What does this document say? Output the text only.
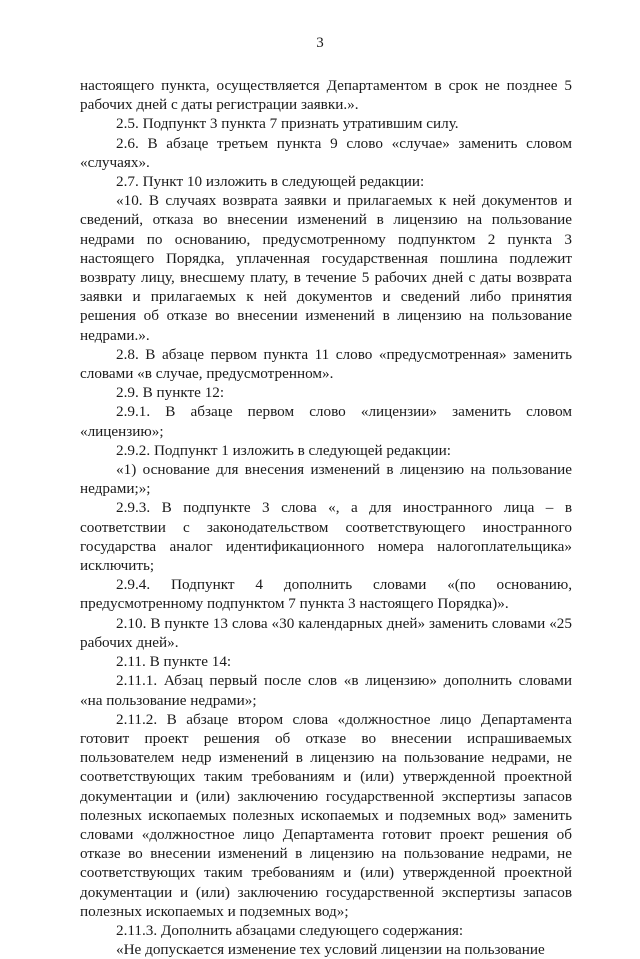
3

настоящего пункта, осуществляется Департаментом в срок не позднее 5 рабочих дней с даты регистрации заявки.».

2.5. Подпункт 3 пункта 7 признать утратившим силу.

2.6. В абзаце третьем пункта 9 слово «случае» заменить словом «случаях».

2.7. Пункт 10 изложить в следующей редакции:

«10. В случаях возврата заявки и прилагаемых к ней документов и сведений, отказа во внесении изменений в лицензию на пользование недрами по основанию, предусмотренному подпунктом 2 пункта 3 настоящего Порядка, уплаченная государственная пошлина подлежит возврату лицу, внесшему плату, в течение 5 рабочих дней с даты возврата заявки и прилагаемых к ней документов и сведений либо принятия решения об отказе во внесении изменений в лицензию на пользование недрами.».

2.8. В абзаце первом пункта 11 слово «предусмотренная» заменить словами «в случае, предусмотренном».

2.9. В пункте 12:

2.9.1. В абзаце первом слово «лицензии» заменить словом «лицензию»;

2.9.2. Подпункт 1 изложить в следующей редакции:

«1) основание для внесения изменений в лицензию на пользование недрами;»;

2.9.3. В подпункте 3 слова «, а для иностранного лица – в соответствии с законодательством соответствующего иностранного государства аналог идентификационного номера налогоплательщика» исключить;

2.9.4. Подпункт 4 дополнить словами «(по основанию, предусмотренному подпунктом 7 пункта 3 настоящего Порядка)».

2.10. В пункте 13 слова «30 календарных дней» заменить словами «25 рабочих дней».

2.11. В пункте 14:

2.11.1. Абзац первый после слов «в лицензию» дополнить словами «на пользование недрами»;

2.11.2. В абзаце втором слова «должностное лицо Департамента готовит проект решения об отказе во внесении испрашиваемых пользователем недр изменений в лицензию на пользование недрами, не соответствующих таким требованиям и (или) утвержденной проектной документации и (или) заключению государственной экспертизы запасов полезных ископаемых полезных ископаемых и подземных вод» заменить словами «должностное лицо Департамента готовит проект решения об отказе во внесении изменений в лицензию на пользование недрами, не соответствующих таким требованиям и (или) утвержденной проектной документации и (или) заключению государственной экспертизы запасов полезных ископаемых и подземных вод»;

2.11.3. Дополнить абзацами следующего содержания:

«Не допускается изменение тех условий лицензии на пользование
